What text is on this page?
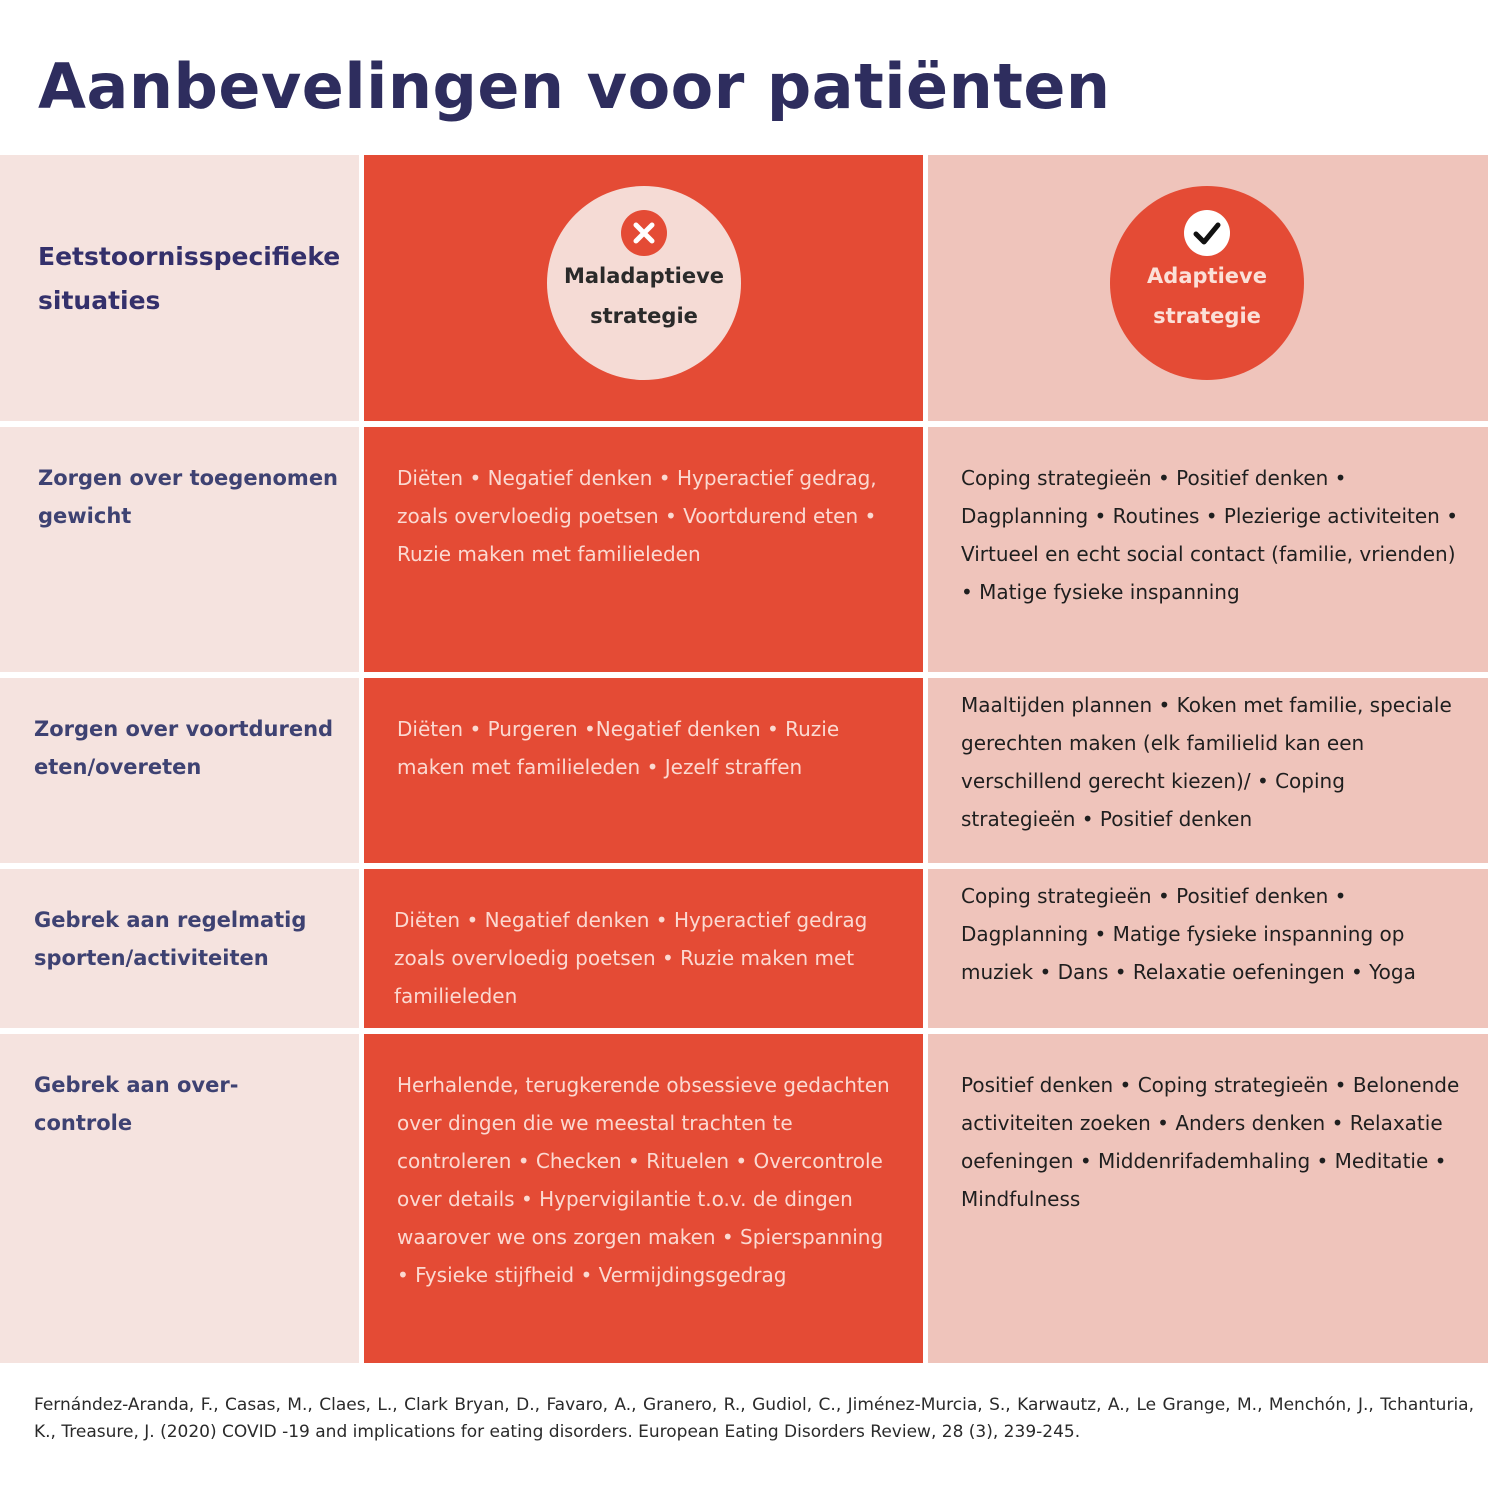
Aanbevelingen voor patiënten

Eetstoornisspecifieke situaties

Maladaptieve
strategie
Adaptieve
strategie
Zorgen over toegenomen gewicht
Diëten • Negatief denken • Hyperactief gedrag, zoals overvloedig poetsen • Voortdurend eten • Ruzie maken met familieleden
Coping strategieën • Positief denken • Dagplanning • Routines • Plezierige activiteiten • Virtueel en echt social contact (familie, vrienden) • Matige fysieke inspanning
Zorgen over voortdurend eten/overeten
Diëten • Purgeren •Negatief denken • Ruzie maken met familieleden • Jezelf straffen
Maaltijden plannen • Koken met familie, speciale gerechten maken (elk familielid kan een verschillend gerecht kiezen)/ • Coping strategieën • Positief denken
Gebrek aan regelmatig sporten/activiteiten
Diëten • Negatief denken • Hyperactief gedrag zoals overvloedig poetsen • Ruzie maken met familieleden
Coping strategieën • Positief denken • Dagplanning • Matige fysieke inspanning op muziek • Dans • Relaxatie oefeningen • Yoga
Gebrek aan over-controle
Herhalende, terugkerende obsessieve gedachten over dingen die we meestal trachten te controleren • Checken • Rituelen • Overcontrole over details • Hypervigilantie t.o.v. de dingen waarover we ons zorgen maken • Spierspanning • Fysieke stijfheid • Vermijdingsgedrag
Positief denken • Coping strategieën • Belonende activiteiten zoeken • Anders denken • Relaxatie oefeningen • Middenrifademhaling • Meditatie • Mindfulness
Fernández-Aranda, F., Casas, M., Claes, L., Clark Bryan, D., Favaro, A., Granero, R., Gudiol, C., Jiménez-Murcia, S., Karwautz, A., Le Grange, M., Menchón, J., Tchanturia, K., Treasure, J. (2020) COVID -19 and implications for eating disorders. European Eating Disorders Review, 28 (3), 239-245.
